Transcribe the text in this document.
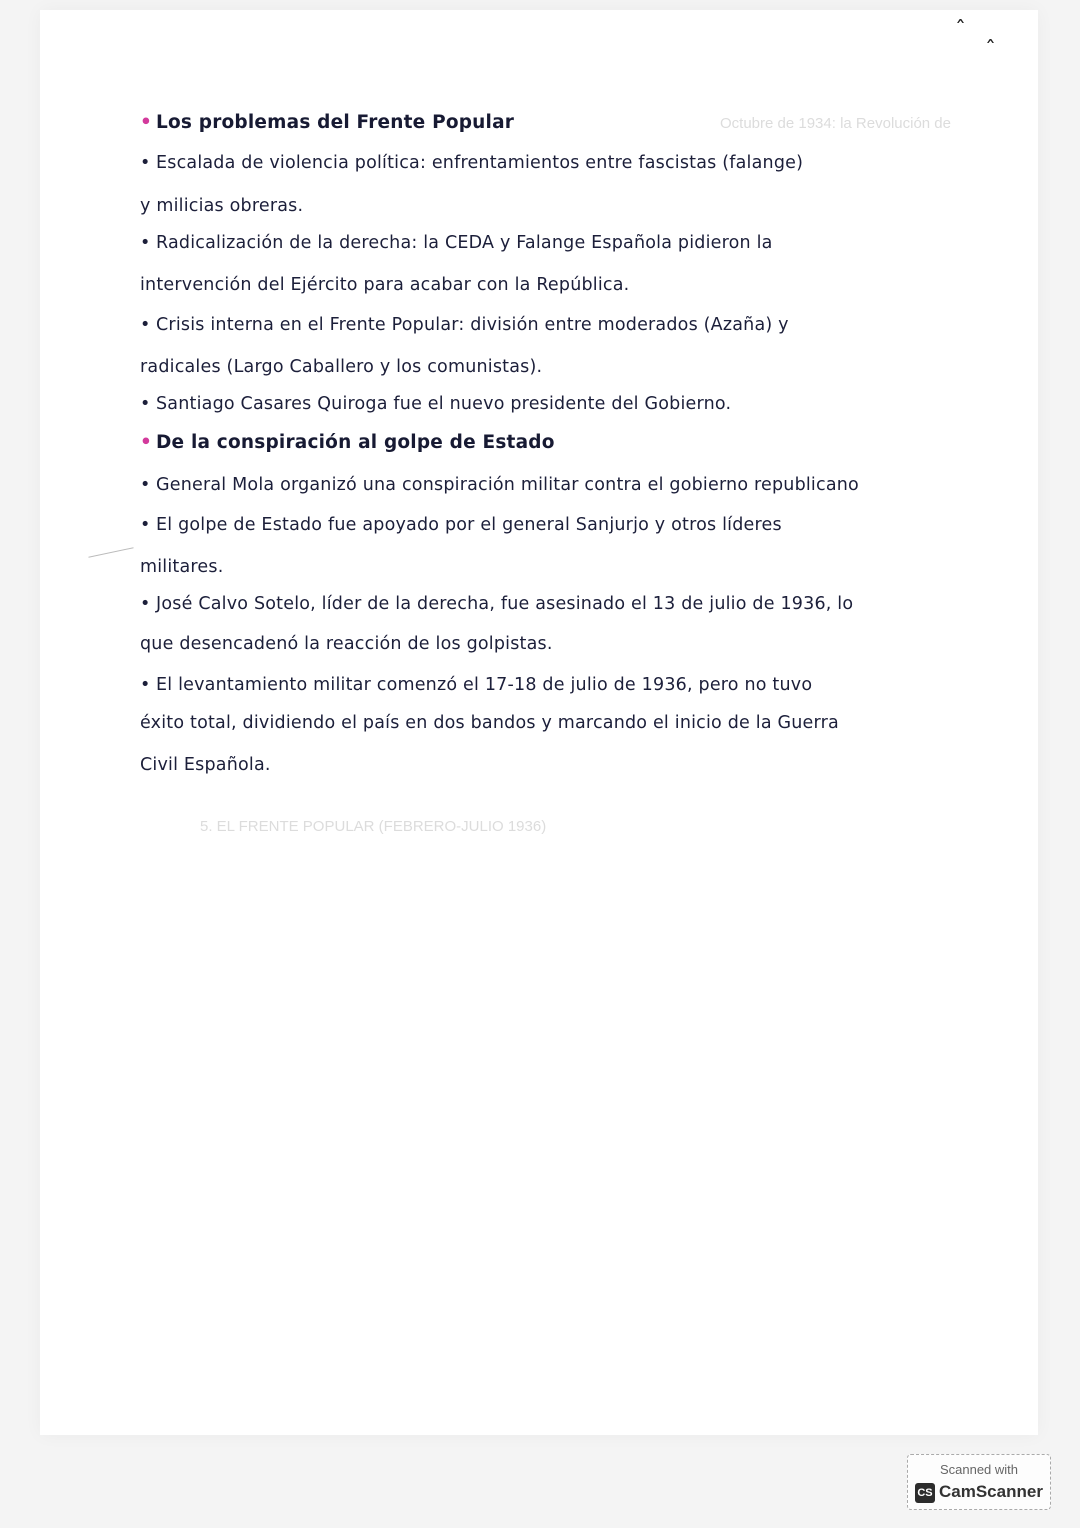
Octubre de 1934: la Revolución de
5. EL FRENTE POPULAR (FEBRERO-JULIO 1936)
ˆ
ˆ
• Los problemas del Frente Popular
• Escalada de violencia política: enfrentamientos entre fascistas (falange)
y milicias obreras.
• Radicalización de la derecha: la CEDA y Falange Española pidieron la
intervención del Ejército para acabar con la República.
• Crisis interna en el Frente Popular: división entre moderados (Azaña) y
radicales (Largo Caballero y los comunistas).
• Santiago Casares Quiroga fue el nuevo presidente del Gobierno.
• De la conspiración al golpe de Estado
• General Mola organizó una conspiración militar contra el gobierno republicano
• El golpe de Estado fue apoyado por el general Sanjurjo y otros líderes
militares.
• José Calvo Sotelo, líder de la derecha, fue asesinado el 13 de julio de 1936, lo
que desencadenó la reacción de los golpistas.
• El levantamiento militar comenzó el 17-18 de julio de 1936, pero no tuvo
éxito total, dividiendo el país en dos bandos y marcando el inicio de la Guerra
Civil Española.
Scanned with
CS CamScanner
